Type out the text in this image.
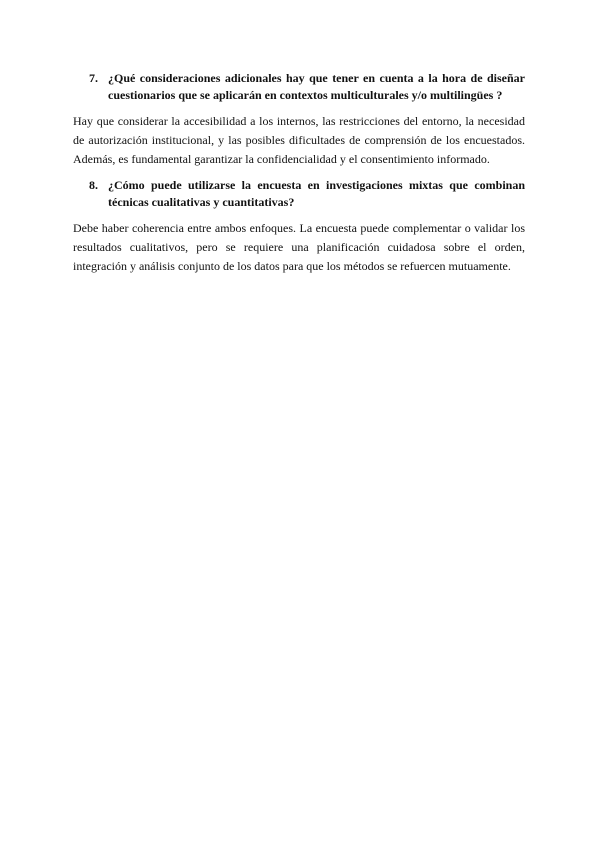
7. ¿Qué consideraciones adicionales hay que tener en cuenta a la hora de diseñar cuestionarios que se aplicarán en contextos multiculturales y/o multilingües ?

Hay que considerar la accesibilidad a los internos, las restricciones del entorno, la necesidad de autorización institucional, y las posibles dificultades de comprensión de los encuestados. Además, es fundamental garantizar la confidencialidad y el consentimiento informado.

8. ¿Cómo puede utilizarse la encuesta en investigaciones mixtas que combinan técnicas cualitativas y cuantitativas?

Debe haber coherencia entre ambos enfoques. La encuesta puede complementar o validar los resultados cualitativos, pero se requiere una planificación cuidadosa sobre el orden, integración y análisis conjunto de los datos para que los métodos se refuercen mutuamente.
